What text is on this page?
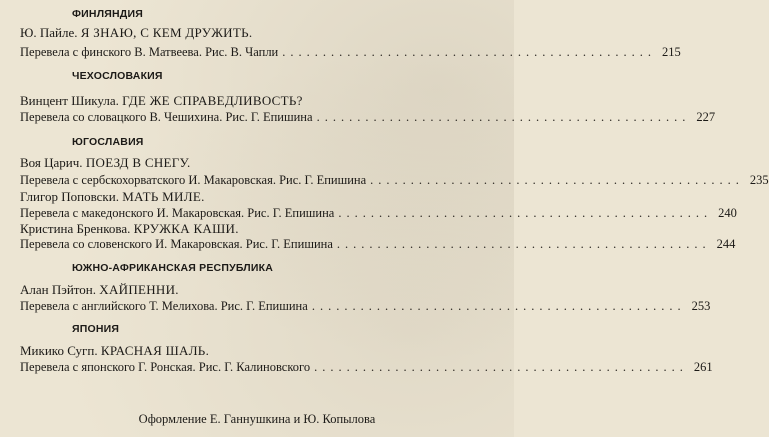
ФИНЛЯНДИЯ
Ю. Пайле. Я ЗНАЮ, С КЕМ ДРУЖИТЬ.
Перевела с финского В. Матвеева. Рис. В. Чапли .............................................. 215
ЧЕХОСЛОВАКИЯ
Винцент Шикула. ГДЕ ЖЕ СПРАВЕДЛИВОСТЬ?
Перевела со словацкого В. Чешихина. Рис. Г. Епишина .............................................. 227
ЮГОСЛАВИЯ
Воя Царич. ПОЕЗД В СНЕГУ.
Перевела с сербскохорватского И. Макаровская. Рис. Г. Епишина .............................................. 235
Глигор Поповски. МАТЬ МИЛЕ.
Перевела с македонского И. Макаровская. Рис. Г. Епишина .............................................. 240
Кристина Бренкова. КРУЖКА КАШИ.
Перевела со словенского И. Макаровская. Рис. Г. Епишина .............................................. 244
ЮЖНО-АФРИКАНСКАЯ РЕСПУБЛИКА
Алан Пэйтон. ХАЙПЕННИ.
Перевела с английского Т. Мелихова. Рис. Г. Епишина .............................................. 253
ЯПОНИЯ
Микико Сугп. КРАСНАЯ ШАЛЬ.
Перевела с японского Г. Ронская. Рис. Г. Калиновского .............................................. 261
Оформление Е. Ганнушкина и Ю. Копылова
